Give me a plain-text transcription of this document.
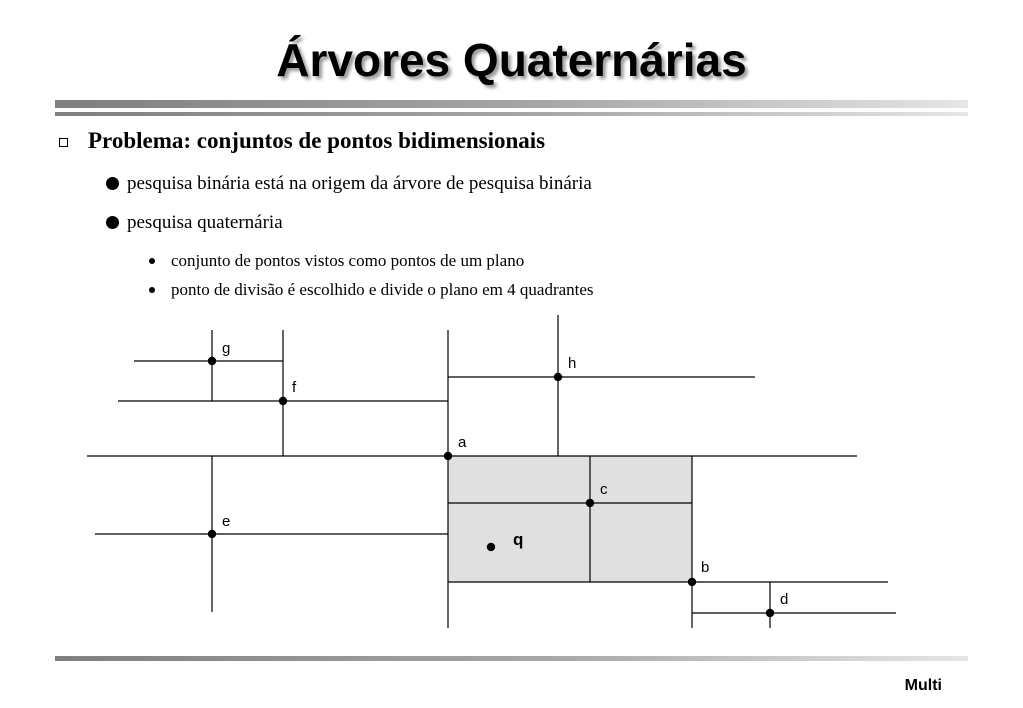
Árvores Quaternárias
Problema: conjuntos de pontos bidimensionais
pesquisa binária está na origem da árvore de pesquisa binária
pesquisa quaternária
conjunto de pontos vistos como pontos de um plano
ponto de divisão é escolhido e divide o plano em 4 quadrantes
a
b
c
d
e
f
g
h
q
Multi
